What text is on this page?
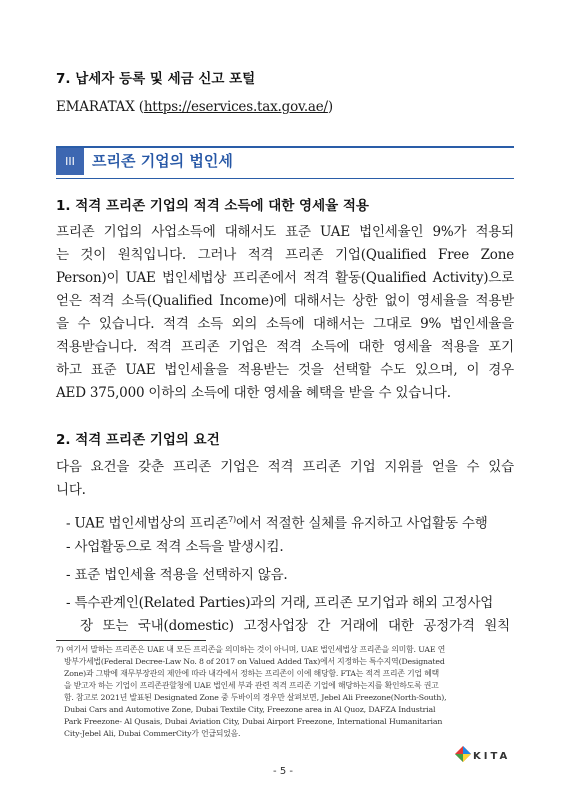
7. 납세자 등록 및 세금 신고 포털
EMARATAX (https://eservices.tax.gov.ae/)
III	프리존 기업의 법인세
1. 적격 프리존 기업의 적격 소득에 대한 영세율 적용
프리존 기업의 사업소득에 대해서도 표준 UAE 법인세율인 9%가 적용되
는 것이 원칙입니다. 그러나 적격 프리존 기업(Qualified Free Zone
Person)이 UAE 법인세법상 프리존에서 적격 활동(Qualified Activity)으로
얻은 적격 소득(Qualified Income)에 대해서는 상한 없이 영세율을 적용받
을 수 있습니다. 적격 소득 외의 소득에 대해서는 그대로 9% 법인세율을
적용받습니다. 적격 프리존 기업은 적격 소득에 대한 영세율 적용을 포기
하고 표준 UAE 법인세율을 적용받는 것을 선택할 수도 있으며, 이 경우
AED 375,000 이하의 소득에 대한 영세율 혜택을 받을 수 있습니다.
2. 적격 프리존 기업의 요건
다음 요건을 갖춘 프리존 기업은 적격 프리존 기업 지위를 얻을 수 있습
니다.
- UAE 법인세법상의 프리존$^{7)}$에서 적절한 실체를 유지하고 사업활동 수행
- 사업활동으로 적격 소득을 발생시킴.
- 표준 법인세율 적용을 선택하지 않음.
- 특수관계인(Related Parties)과의 거래, 프리존 모기업과 해외 고정사업
장 또는 국내(domestic) 고정사업장 간 거래에 대한 공정가격 원칙
7) 여기서 말하는 프리존은 UAE 내 모든 프리존을 의미하는 것이 아니며, UAE 법인세법상 프리존을 의미함. UAE 연
방부가세법(Federal Decree-Law No. 8 of 2017 on Valued Added Tax)에서 지정하는 특수지역(Designated
Zone)과 그밖에 재무부장관의 제안에 따라 내각에서 정하는 프리존이 이에 해당함. FTA는 적격 프리존 기업 혜택
을 받고자 하는 기업이 프리존관할청에 UAE 법인세 부과 관련 적격 프리존 기업에 해당하는지를 확인하도록 권고
함. 참고로 2021년 발표된 Designated Zone 중 두바이의 경우만 살펴보면, Jebel Ali Freezone(North-South),
Dubai Cars and Automotive Zone, Dubai Textile City, Freezone area in Al Quoz, DAFZA Industrial
Park Freezone- Al Qusais, Dubai Aviation City, Dubai Airport Freezone, International Humanitarian
City-Jebel Ali, Dubai CommerCity가 언급되었음.
KITA
- 5 -
